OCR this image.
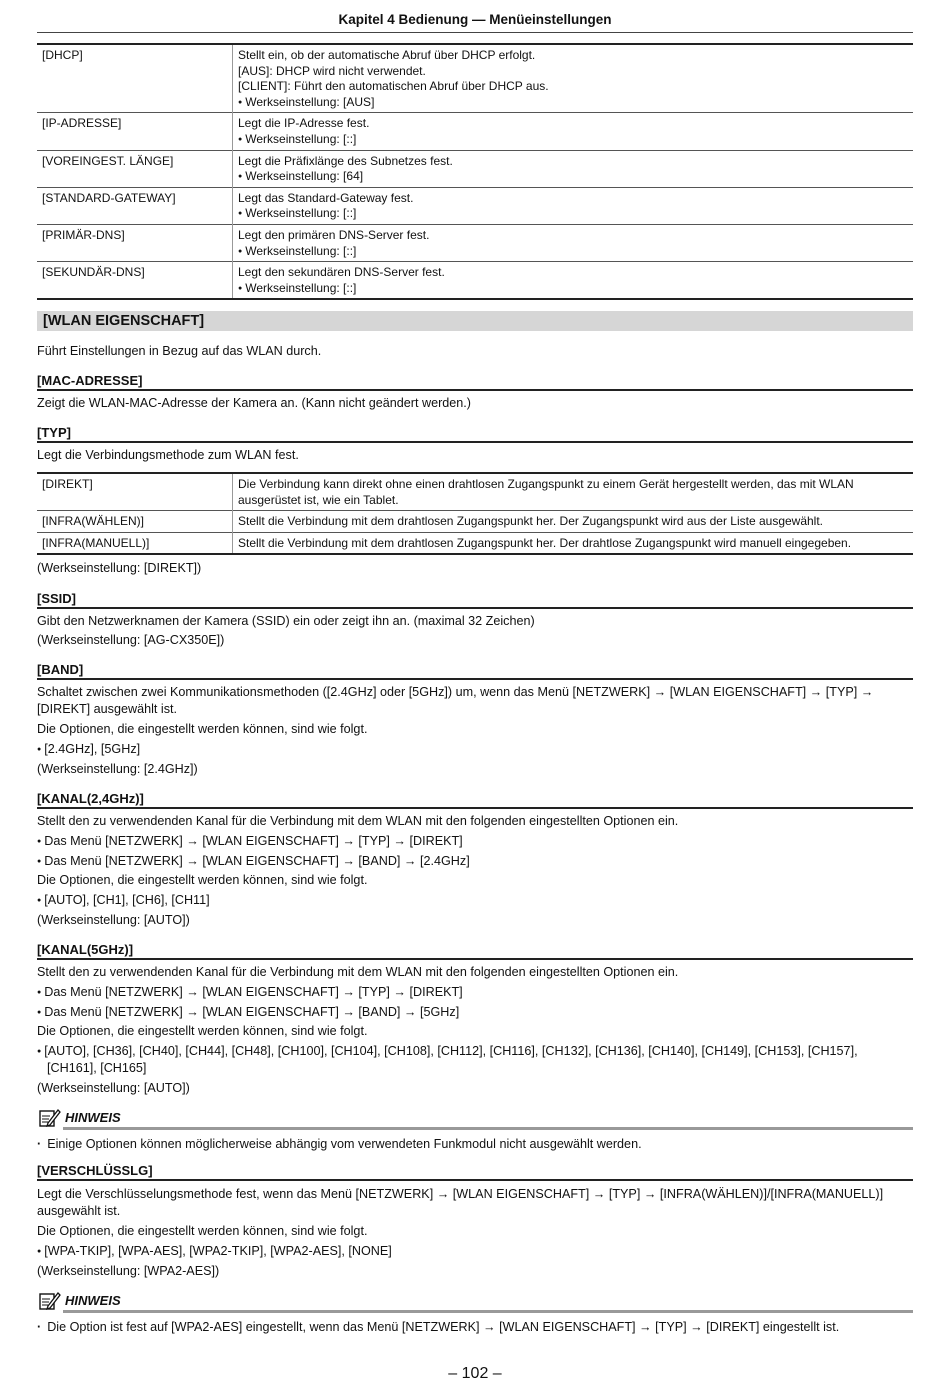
Kapitel 4 Bedienung — Menüeinstellungen
[DHCP]	Stellt ein, ob der automatische Abruf über DHCP erfolgt.
[AUS]: DHCP wird nicht verwendet.
[CLIENT]: Führt den automatischen Abruf über DHCP aus.
● Werkseinstellung: [AUS]

[IP-ADRESSE]	Legt die IP-Adresse fest.
● Werkseinstellung: [::]

[VOREINGEST. LÄNGE]	Legt die Präfixlänge des Subnetzes fest.
● Werkseinstellung: [64]

[STANDARD-GATEWAY]	Legt das Standard-Gateway fest.
● Werkseinstellung: [::]

[PRIMÄR-DNS]	Legt den primären DNS-Server fest.
● Werkseinstellung: [::]

[SEKUNDÄR-DNS]	Legt den sekundären DNS-Server fest.
● Werkseinstellung: [::]
[WLAN EIGENSCHAFT]
Führt Einstellungen in Bezug auf das WLAN durch.
[MAC-ADRESSE]
Zeigt die WLAN-MAC-Adresse der Kamera an. (Kann nicht geändert werden.)
[TYP]
Legt die Verbindungsmethode zum WLAN fest.
[DIREKT]	Die Verbindung kann direkt ohne einen drahtlosen Zugangspunkt zu einem Gerät hergestellt werden, das mit WLAN
ausgerüstet ist, wie ein Tablet.

[INFRA(WÄHLEN)]	Stellt die Verbindung mit dem drahtlosen Zugangspunkt her. Der Zugangspunkt wird aus der Liste ausgewählt.
[INFRA(MANUELL)]	Stellt die Verbindung mit dem drahtlosen Zugangspunkt her. Der drahtlose Zugangspunkt wird manuell eingegeben.
(Werkseinstellung: [DIREKT])
[SSID]
Gibt den Netzwerknamen der Kamera (SSID) ein oder zeigt ihn an. (maximal 32 Zeichen)
(Werkseinstellung: [AG-CX350E])
[BAND]
Schaltet zwischen zwei Kommunikationsmethoden ([2.4GHz] oder [5GHz]) um, wenn das Menü [NETZWERK] → [WLAN EIGENSCHAFT] → [TYP] →
[DIREKT] ausgewählt ist.
Die Optionen, die eingestellt werden können, sind wie folgt.
● [2.4GHz], [5GHz]
(Werkseinstellung: [2.4GHz])
[KANAL(2,4GHz)]
Stellt den zu verwendenden Kanal für die Verbindung mit dem WLAN mit den folgenden eingestellten Optionen ein.
● Das Menü [NETZWERK] → [WLAN EIGENSCHAFT] → [TYP] → [DIREKT]
● Das Menü [NETZWERK] → [WLAN EIGENSCHAFT] → [BAND] → [2.4GHz]
Die Optionen, die eingestellt werden können, sind wie folgt.
● [AUTO], [CH1], [CH6], [CH11]
(Werkseinstellung: [AUTO])
[KANAL(5GHz)]
Stellt den zu verwendenden Kanal für die Verbindung mit dem WLAN mit den folgenden eingestellten Optionen ein.
● Das Menü [NETZWERK] → [WLAN EIGENSCHAFT] → [TYP] → [DIREKT]
● Das Menü [NETZWERK] → [WLAN EIGENSCHAFT] → [BAND] → [5GHz]
Die Optionen, die eingestellt werden können, sind wie folgt.
● [AUTO], [CH36], [CH40], [CH44], [CH48], [CH100], [CH104], [CH108], [CH112], [CH116], [CH132], [CH136], [CH140], [CH149], [CH153], [CH157],
[CH161], [CH165]
(Werkseinstellung: [AUTO])
HINWEIS
· Einige Optionen können möglicherweise abhängig vom verwendeten Funkmodul nicht ausgewählt werden.
[VERSCHLÜSSLG]
Legt die Verschlüsselungsmethode fest, wenn das Menü [NETZWERK] → [WLAN EIGENSCHAFT] → [TYP] → [INFRA(WÄHLEN)]/[INFRA(MANUELL)]
ausgewählt ist.
Die Optionen, die eingestellt werden können, sind wie folgt.
● [WPA-TKIP], [WPA-AES], [WPA2-TKIP], [WPA2-AES], [NONE]
(Werkseinstellung: [WPA2-AES])
HINWEIS
· Die Option ist fest auf [WPA2-AES] eingestellt, wenn das Menü [NETZWERK] → [WLAN EIGENSCHAFT] → [TYP] → [DIREKT] eingestellt ist.
– 102 –
